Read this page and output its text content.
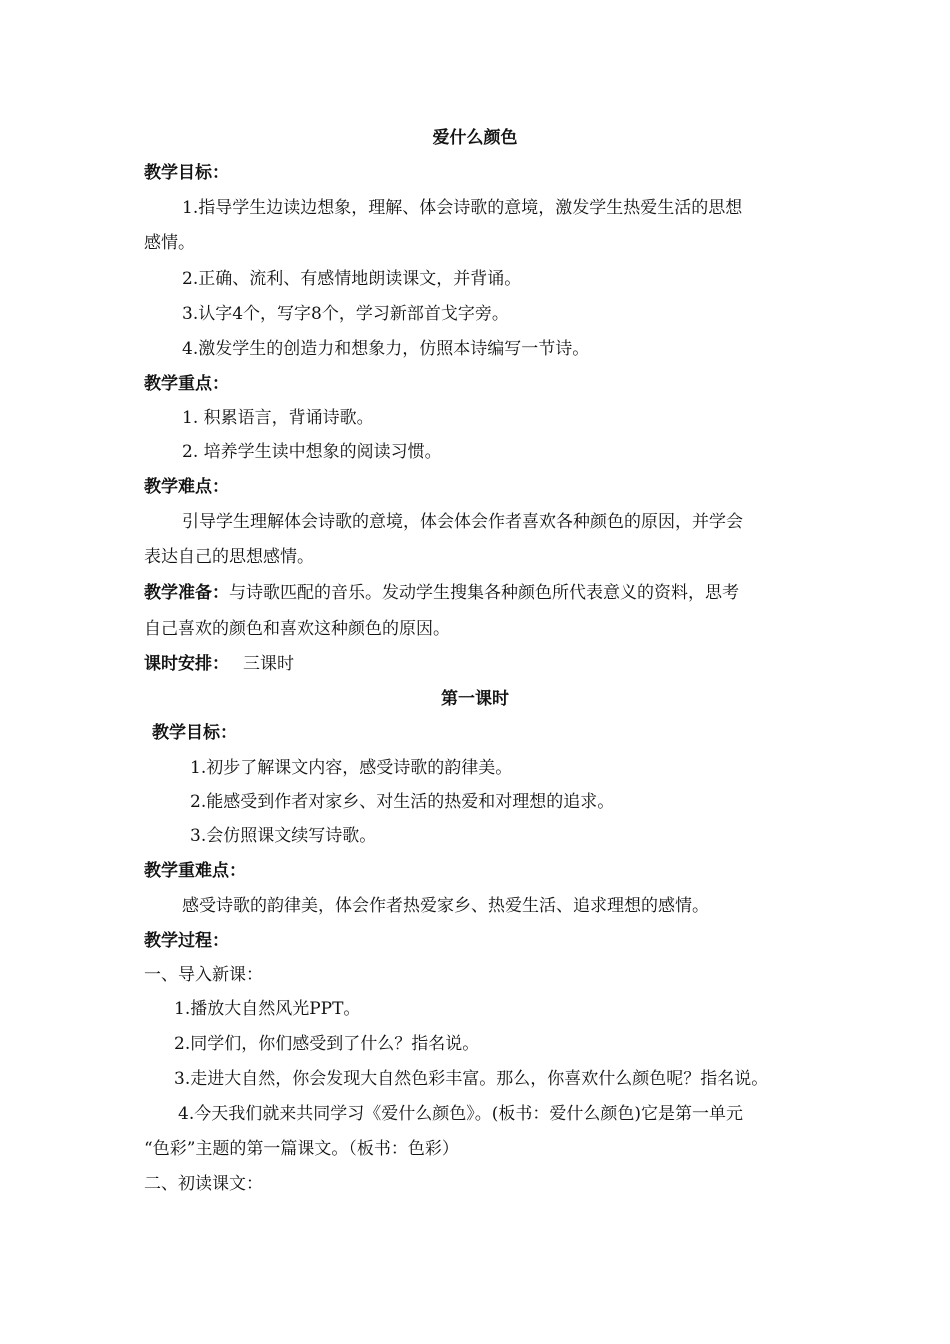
爱什么颜色
教学目标：
1.指导学生边读边想象，理解、体会诗歌的意境，激发学生热爱生活的思想
感情。
2.正确、流利、有感情地朗读课文，并背诵。
3.认字4个，写字8个，学习新部首戈字旁。
4.激发学生的创造力和想象力，仿照本诗编写一节诗。
教学重点：
1. 积累语言，背诵诗歌。
2. 培养学生读中想象的阅读习惯。
教学难点：
引导学生理解体会诗歌的意境，体会体会作者喜欢各种颜色的原因，并学会
表达自己的思想感情。
教学准备：与诗歌匹配的音乐。发动学生搜集各种颜色所代表意义的资料，思考
自己喜欢的颜色和喜欢这种颜色的原因。
课时安排： 三课时
第一课时
教学目标：
1.初步了解课文内容，感受诗歌的韵律美。
2.能感受到作者对家乡、对生活的热爱和对理想的追求。
3.会仿照课文续写诗歌。
教学重难点：
感受诗歌的韵律美，体会作者热爱家乡、热爱生活、追求理想的感情。
教学过程：
一、导入新课：
1.播放大自然风光PPT。
2.同学们，你们感受到了什么？指名说。
3.走进大自然，你会发现大自然色彩丰富。那么，你喜欢什么颜色呢？指名说。
4.今天我们就来共同学习《爱什么颜色》。(板书：爱什么颜色)它是第一单元
“色彩”主题的第一篇课文。（板书：色彩）
二、初读课文：
